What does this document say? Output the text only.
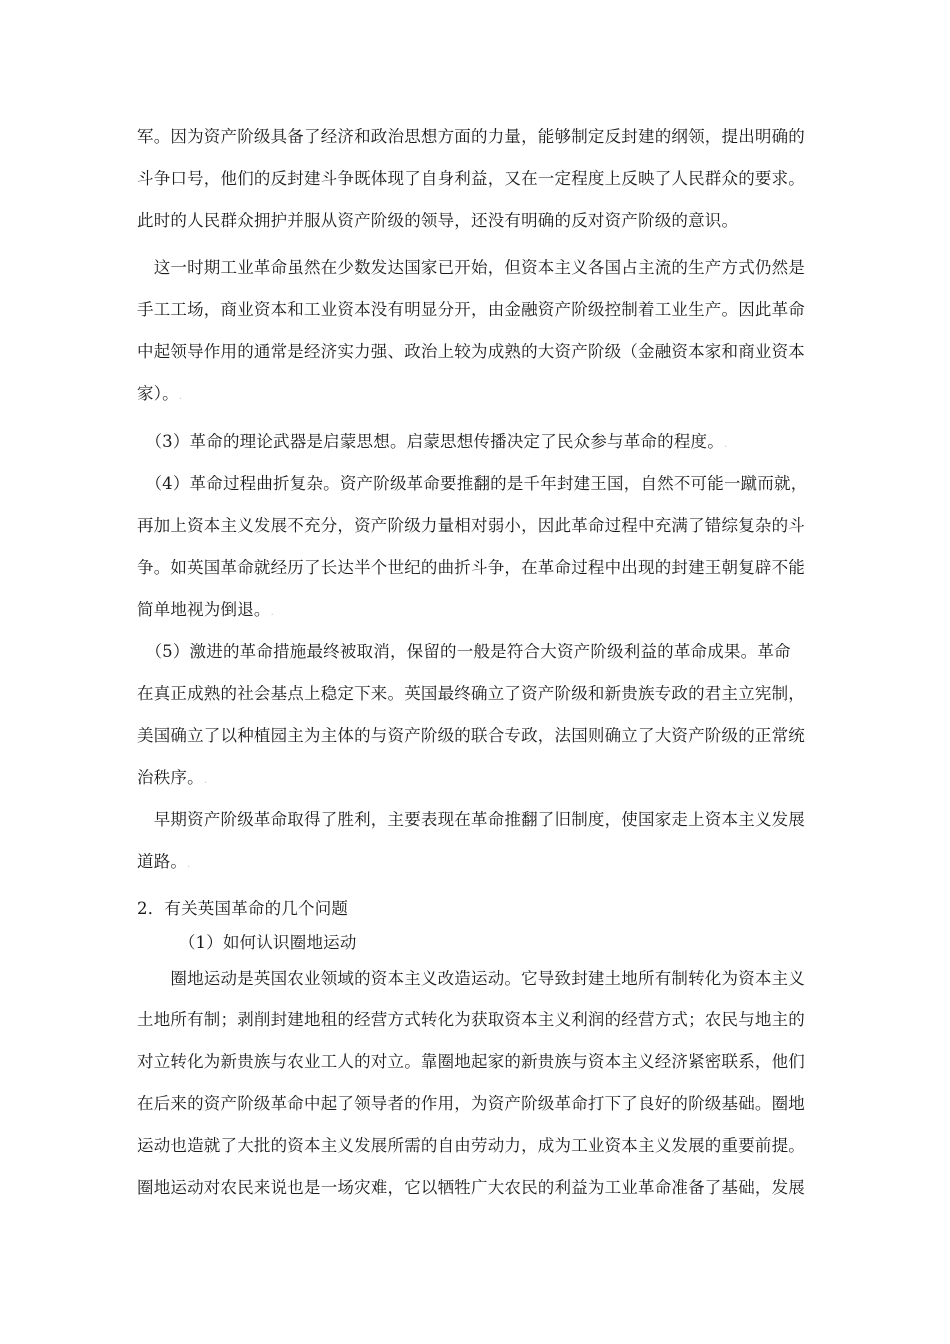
军。因为资产阶级具备了经济和政治思想方面的力量，能够制定反封建的纲领，提出明确的
斗争口号，他们的反封建斗争既体现了自身利益，又在一定程度上反映了人民群众的要求。
此时的人民群众拥护并服从资产阶级的领导，还没有明确的反对资产阶级的意识。
　这一时期工业革命虽然在少数发达国家已开始，但资本主义各国占主流的生产方式仍然是
手工工场，商业资本和工业资本没有明显分开，由金融资产阶级控制着工业生产。因此革命
中起领导作用的通常是经济实力强、政治上较为成熟的大资产阶级（金融资本家和商业资本
家）。.
　（3）革命的理论武器是启蒙思想。启蒙思想传播决定了民众参与革命的程度。.
　（4）革命过程曲折复杂。资产阶级革命要推翻的是千年封建王国，自然不可能一蹴而就，
再加上资本主义发展不充分，资产阶级力量相对弱小，因此革命过程中充满了错综复杂的斗
争。如英国革命就经历了长达半个世纪的曲折斗争，在革命过程中出现的封建王朝复辟不能
简单地视为倒退。.
　（5）激进的革命措施最终被取消，保留的一般是符合大资产阶级利益的革命成果。革命
在真正成熟的社会基点上稳定下来。英国最终确立了资产阶级和新贵族专政的君主立宪制，
美国确立了以种植园主为主体的与资产阶级的联合专政，法国则确立了大资产阶级的正常统
治秩序。.
　早期资产阶级革命取得了胜利，主要表现在革命推翻了旧制度，使国家走上资本主义发展
道路。.
2．有关英国革命的几个问题
　　　（1）如何认识圈地运动
　　圈地运动是英国农业领域的资本主义改造运动。它导致封建土地所有制转化为资本主义
土地所有制；剥削封建地租的经营方式转化为获取资本主义利润的经营方式；农民与地主的
对立转化为新贵族与农业工人的对立。靠圈地起家的新贵族与资本主义经济紧密联系，他们
在后来的资产阶级革命中起了领导者的作用，为资产阶级革命打下了良好的阶级基础。圈地
运动也造就了大批的资本主义发展所需的自由劳动力，成为工业资本主义发展的重要前提。
圈地运动对农民来说也是一场灾难，它以牺牲广大农民的利益为工业革命准备了基础，发展
